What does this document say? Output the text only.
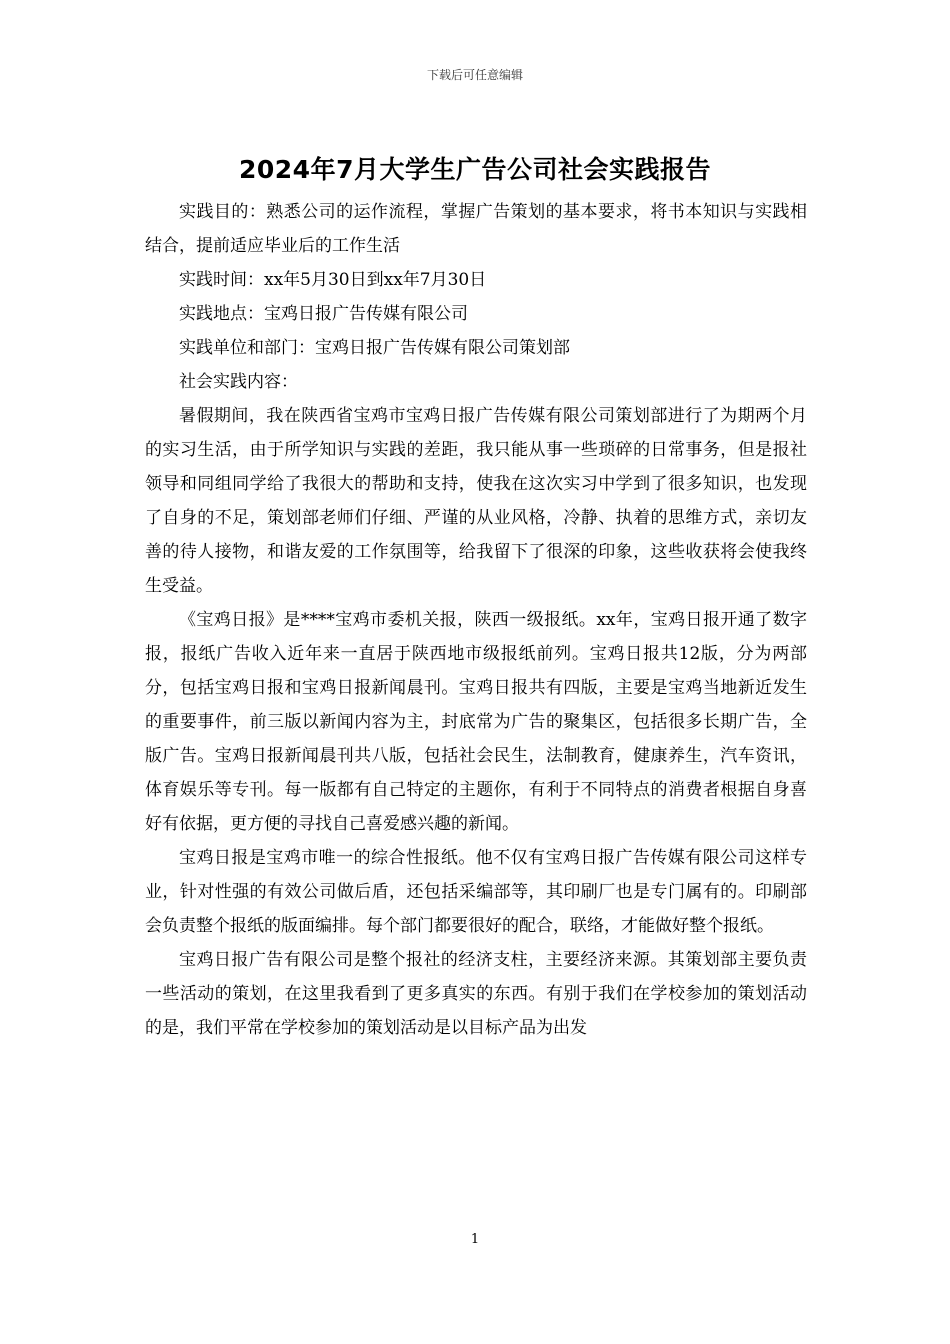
下载后可任意编辑
2024年7月大学生广告公司社会实践报告

实践目的：熟悉公司的运作流程，掌握广告策划的基本要求，将书本知识与实践相结合，提前适应毕业后的工作生活

实践时间：xx年5月30日到xx年7月30日

实践地点：宝鸡日报广告传媒有限公司

实践单位和部门：宝鸡日报广告传媒有限公司策划部

社会实践内容：

暑假期间，我在陕西省宝鸡市宝鸡日报广告传媒有限公司策划部进行了为期两个月的实习生活，由于所学知识与实践的差距，我只能从事一些琐碎的日常事务，但是报社领导和同组同学给了我很大的帮助和支持，使我在这次实习中学到了很多知识，也发现了自身的不足，策划部老师们仔细、严谨的从业风格，冷静、执着的思维方式，亲切友善的待人接物，和谐友爱的工作氛围等，给我留下了很深的印象，这些收获将会使我终生受益。

《宝鸡日报》是****宝鸡市委机关报，陕西一级报纸。xx年，宝鸡日报开通了数字报，报纸广告收入近年来一直居于陕西地市级报纸前列。宝鸡日报共12版，分为两部分，包括宝鸡日报和宝鸡日报新闻晨刊。宝鸡日报共有四版，主要是宝鸡当地新近发生的重要事件，前三版以新闻内容为主，封底常为广告的聚集区，包括很多长期广告，全版广告。宝鸡日报新闻晨刊共八版，包括社会民生，法制教育，健康养生，汽车资讯，体育娱乐等专刊。每一版都有自己特定的主题你，有利于不同特点的消费者根据自身喜好有依据，更方便的寻找自己喜爱感兴趣的新闻。

宝鸡日报是宝鸡市唯一的综合性报纸。他不仅有宝鸡日报广告传媒有限公司这样专业，针对性强的有效公司做后盾，还包括采编部等，其印刷厂也是专门属有的。印刷部会负责整个报纸的版面编排。每个部门都要很好的配合，联络，才能做好整个报纸。

宝鸡日报广告有限公司是整个报社的经济支柱，主要经济来源。其策划部主要负责一些活动的策划，在这里我看到了更多真实的东西。有别于我们在学校参加的策划活动的是，我们平常在学校参加的策划活动是以目标产品为出发

1
